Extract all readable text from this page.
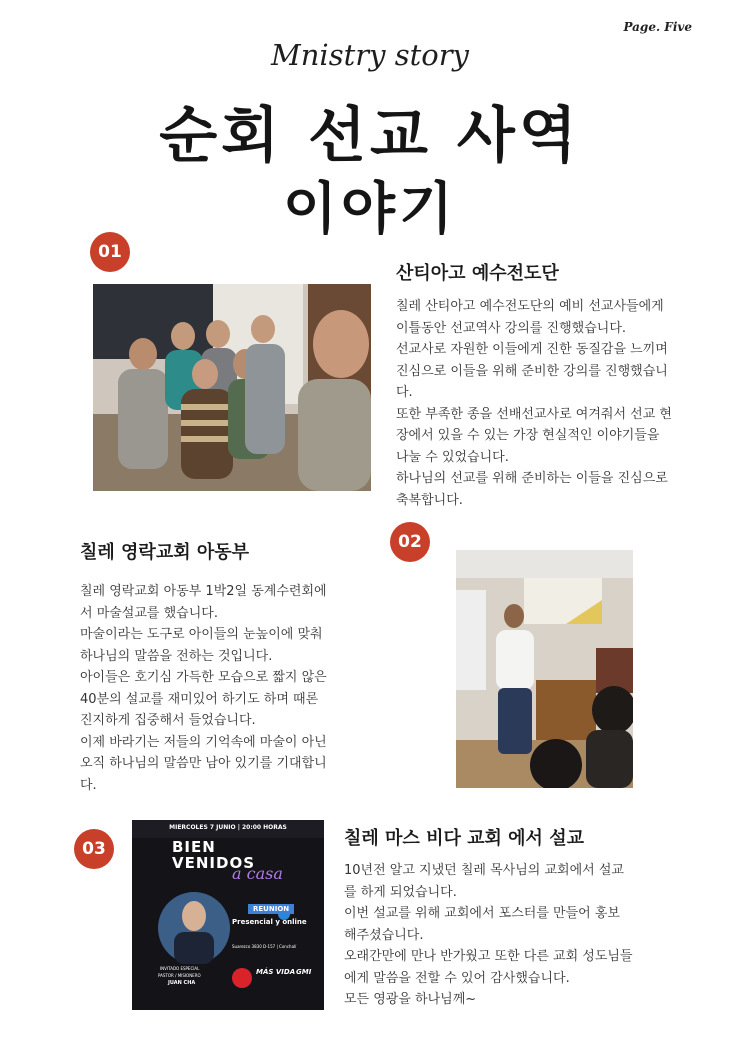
Page. Five
Mnistry story
순회 선교 사역
이야기
01
산티아고 예수전도단
칠레 산티아고 예수전도단의 예비 선교사들에게
이틀동안 선교역사 강의를 진행했습니다.
선교사로 자원한 이들에게 진한 동질감을 느끼며
진심으로 이들을 위해 준비한 강의를 진행했습니
다.
또한 부족한 종을 선배선교사로 여겨줘서 선교 현
장에서 있을 수 있는 가장 현실적인 이야기들을
나눌 수 있었습니다.
하나님의 선교를 위해 준비하는 이들을 진심으로
축복합니다.
칠레 영락교회 아동부	02
칠레 영락교회 아동부 1박2일 동계수련회에
서 마술설교를 했습니다.
마술이라는 도구로 아이들의 눈높이에 맞춰
하나님의 말씀을 전하는 것입니다.
아이들은 호기심 가득한 모습으로 짧지 않은
40분의 설교를 재미있어 하기도 하며 때론
진지하게 집중해서 들었습니다.
이제 바라기는 저들의 기억속에 마술이 아닌
오직 하나님의 말씀만 남아 있기를 기대합니
다.
03
MIERCOLES 7 JUNIO | 20:00 HORAS
BIEN
VENIDOS
a casa
REUNION
Presencial y online
Suarezco 3830 D-157 | Conchalí
INVITADO ESPECIAL
PASTOR / MISIONERO
JUAN CHA
MÁS VIDA GMI
칠레 마스 비다 교회 에서 설교
10년전 알고 지냈던 칠레 목사님의 교회에서 설교
를 하게 되었습니다.
이번 설교를 위해 교회에서 포스터를 만들어 홍보
해주셨습니다.
오래간만에 만나 반가웠고 또한 다른 교회 성도님들
에게 말씀을 전할 수 있어 감사했습니다.
모든 영광을 하나님께~
